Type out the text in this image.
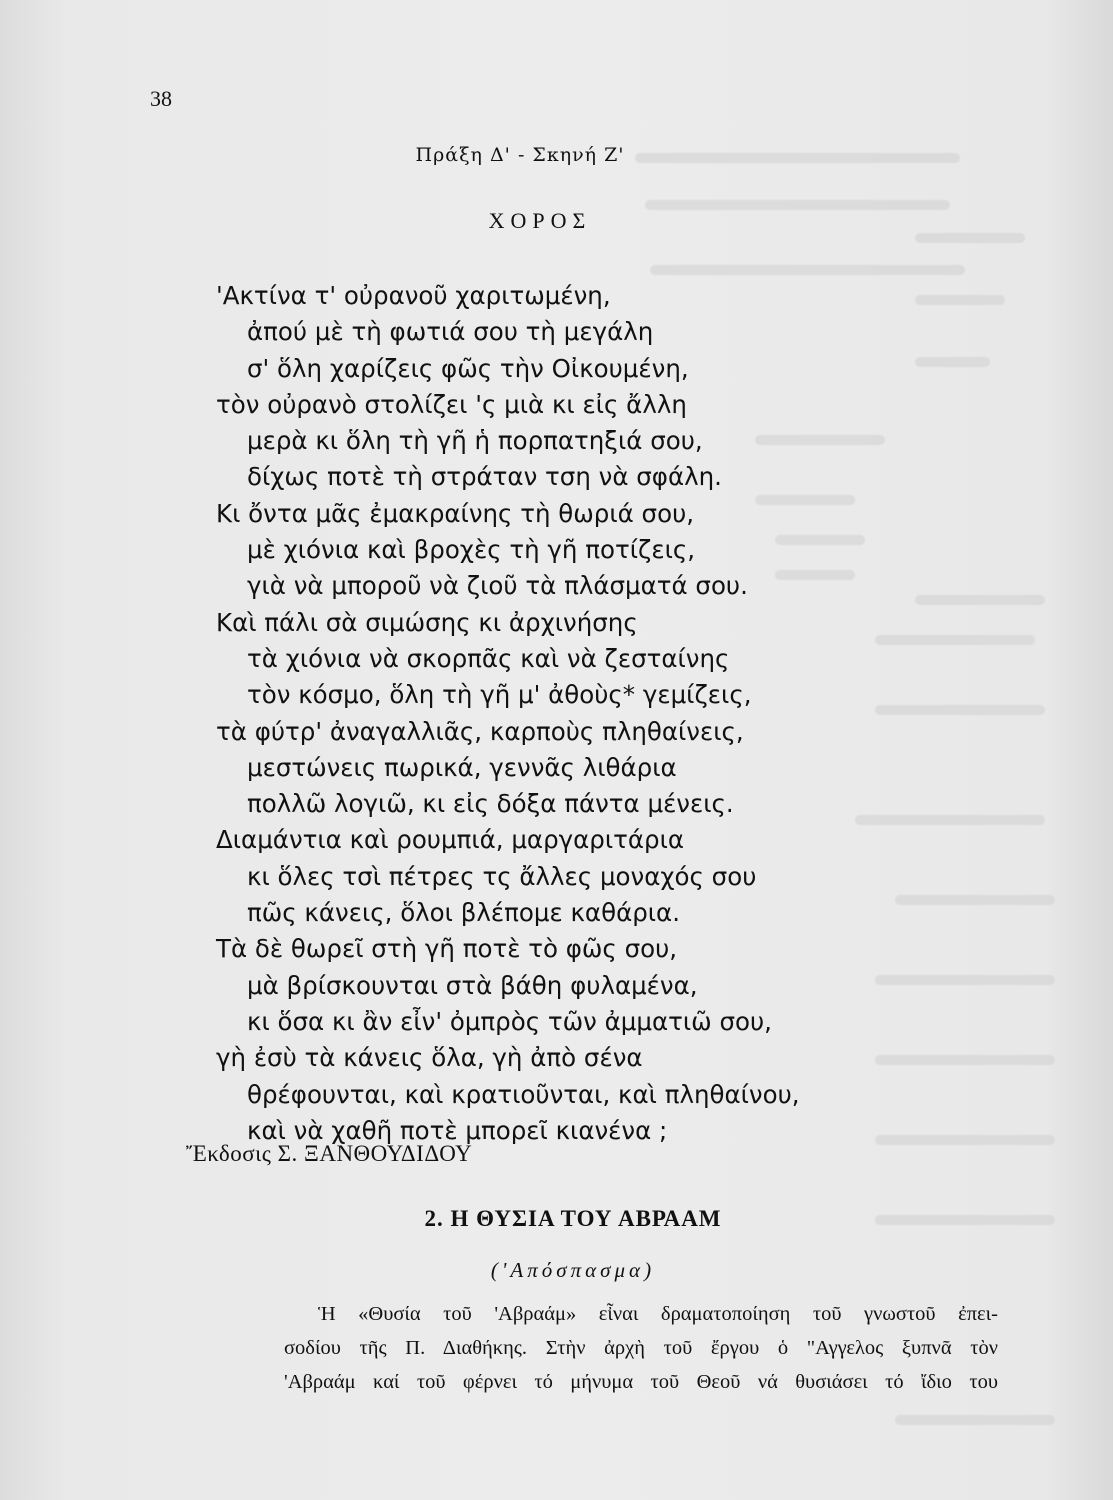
38
Πράξη Δ' - Σκηνή Ζ'
ΧΟΡΟΣ
'Ακτίνα τ' οὐρανοῦ χαριτωμένη,
ἀπού μὲ τὴ φωτιά σου τὴ μεγάλη
σ' ὅλη χαρίζεις φῶς τὴν Οἰκουμένη,
τὸν οὐρανὸ στολίζει 'ς μιὰ κι εἰς ἄλλη
μερὰ κι ὅλη τὴ γῆ ἡ πορπατηξιά σου,
δίχως ποτὲ τὴ στράταν τση νὰ σφάλη.
Κι ὄντα μᾶς ἐμακραίνης τὴ θωριά σου,
μὲ χιόνια καὶ βροχὲς τὴ γῆ ποτίζεις,
γιὰ νὰ μποροῦ νὰ ζιοῦ τὰ πλάσματά σου.
Καὶ πάλι σὰ σιμώσης κι ἀρχινήσης
τὰ χιόνια νὰ σκορπᾶς καὶ νὰ ζεσταίνης
τὸν κόσμο, ὅλη τὴ γῆ μ' ἀθοὺς* γεμίζεις,
τὰ φύτρ' ἀναγαλλιᾶς, καρποὺς πληθαίνεις,
μεστώνεις πωρικά, γεννᾶς λιθάρια
πολλῶ λογιῶ, κι εἰς δόξα πάντα μένεις.
Διαμάντια καὶ ρουμπιά, μαργαριτάρια
κι ὅλες τσὶ πέτρες τς ἄλλες μοναχός σου
πῶς κάνεις, ὅλοι βλέπομε καθάρια.
Τὰ δὲ θωρεῖ στὴ γῆ ποτὲ τὸ φῶς σου,
μὰ βρίσκουνται στὰ βάθη φυλαμένα,
κι ὅσα κι ἂν εἶν' ὀμπρὸς τῶν ἀμματιῶ σου,
γὴ ἐσὺ τὰ κάνεις ὅλα, γὴ ἀπὸ σένα
θρέφουνται, καὶ κρατιοῦνται, καὶ πληθαίνου,
καὶ νὰ χαθῆ ποτὲ μπορεῖ κιανένα ;
Ἔκδοσις Σ. ΞΑΝΘΟΥΔΙΔΟΥ
2. Η ΘΥΣΙΑ ΤΟΥ ΑΒΡΑΑΜ
('Απόσπασμα)
Ἡ «Θυσία τοῦ 'Αβραάμ» εἶναι δραματοποίηση τοῦ γνωστοῦ ἐπει-
σοδίου τῆς Π. Διαθήκης. Στὴν ἀρχὴ τοῦ ἔργου ὁ "Αγγελος ξυπνᾶ τὸν
'Αβραάμ καί τοῦ φέρνει τό μήνυμα τοῦ Θεοῦ νά θυσιάσει τό ἴδιο του
